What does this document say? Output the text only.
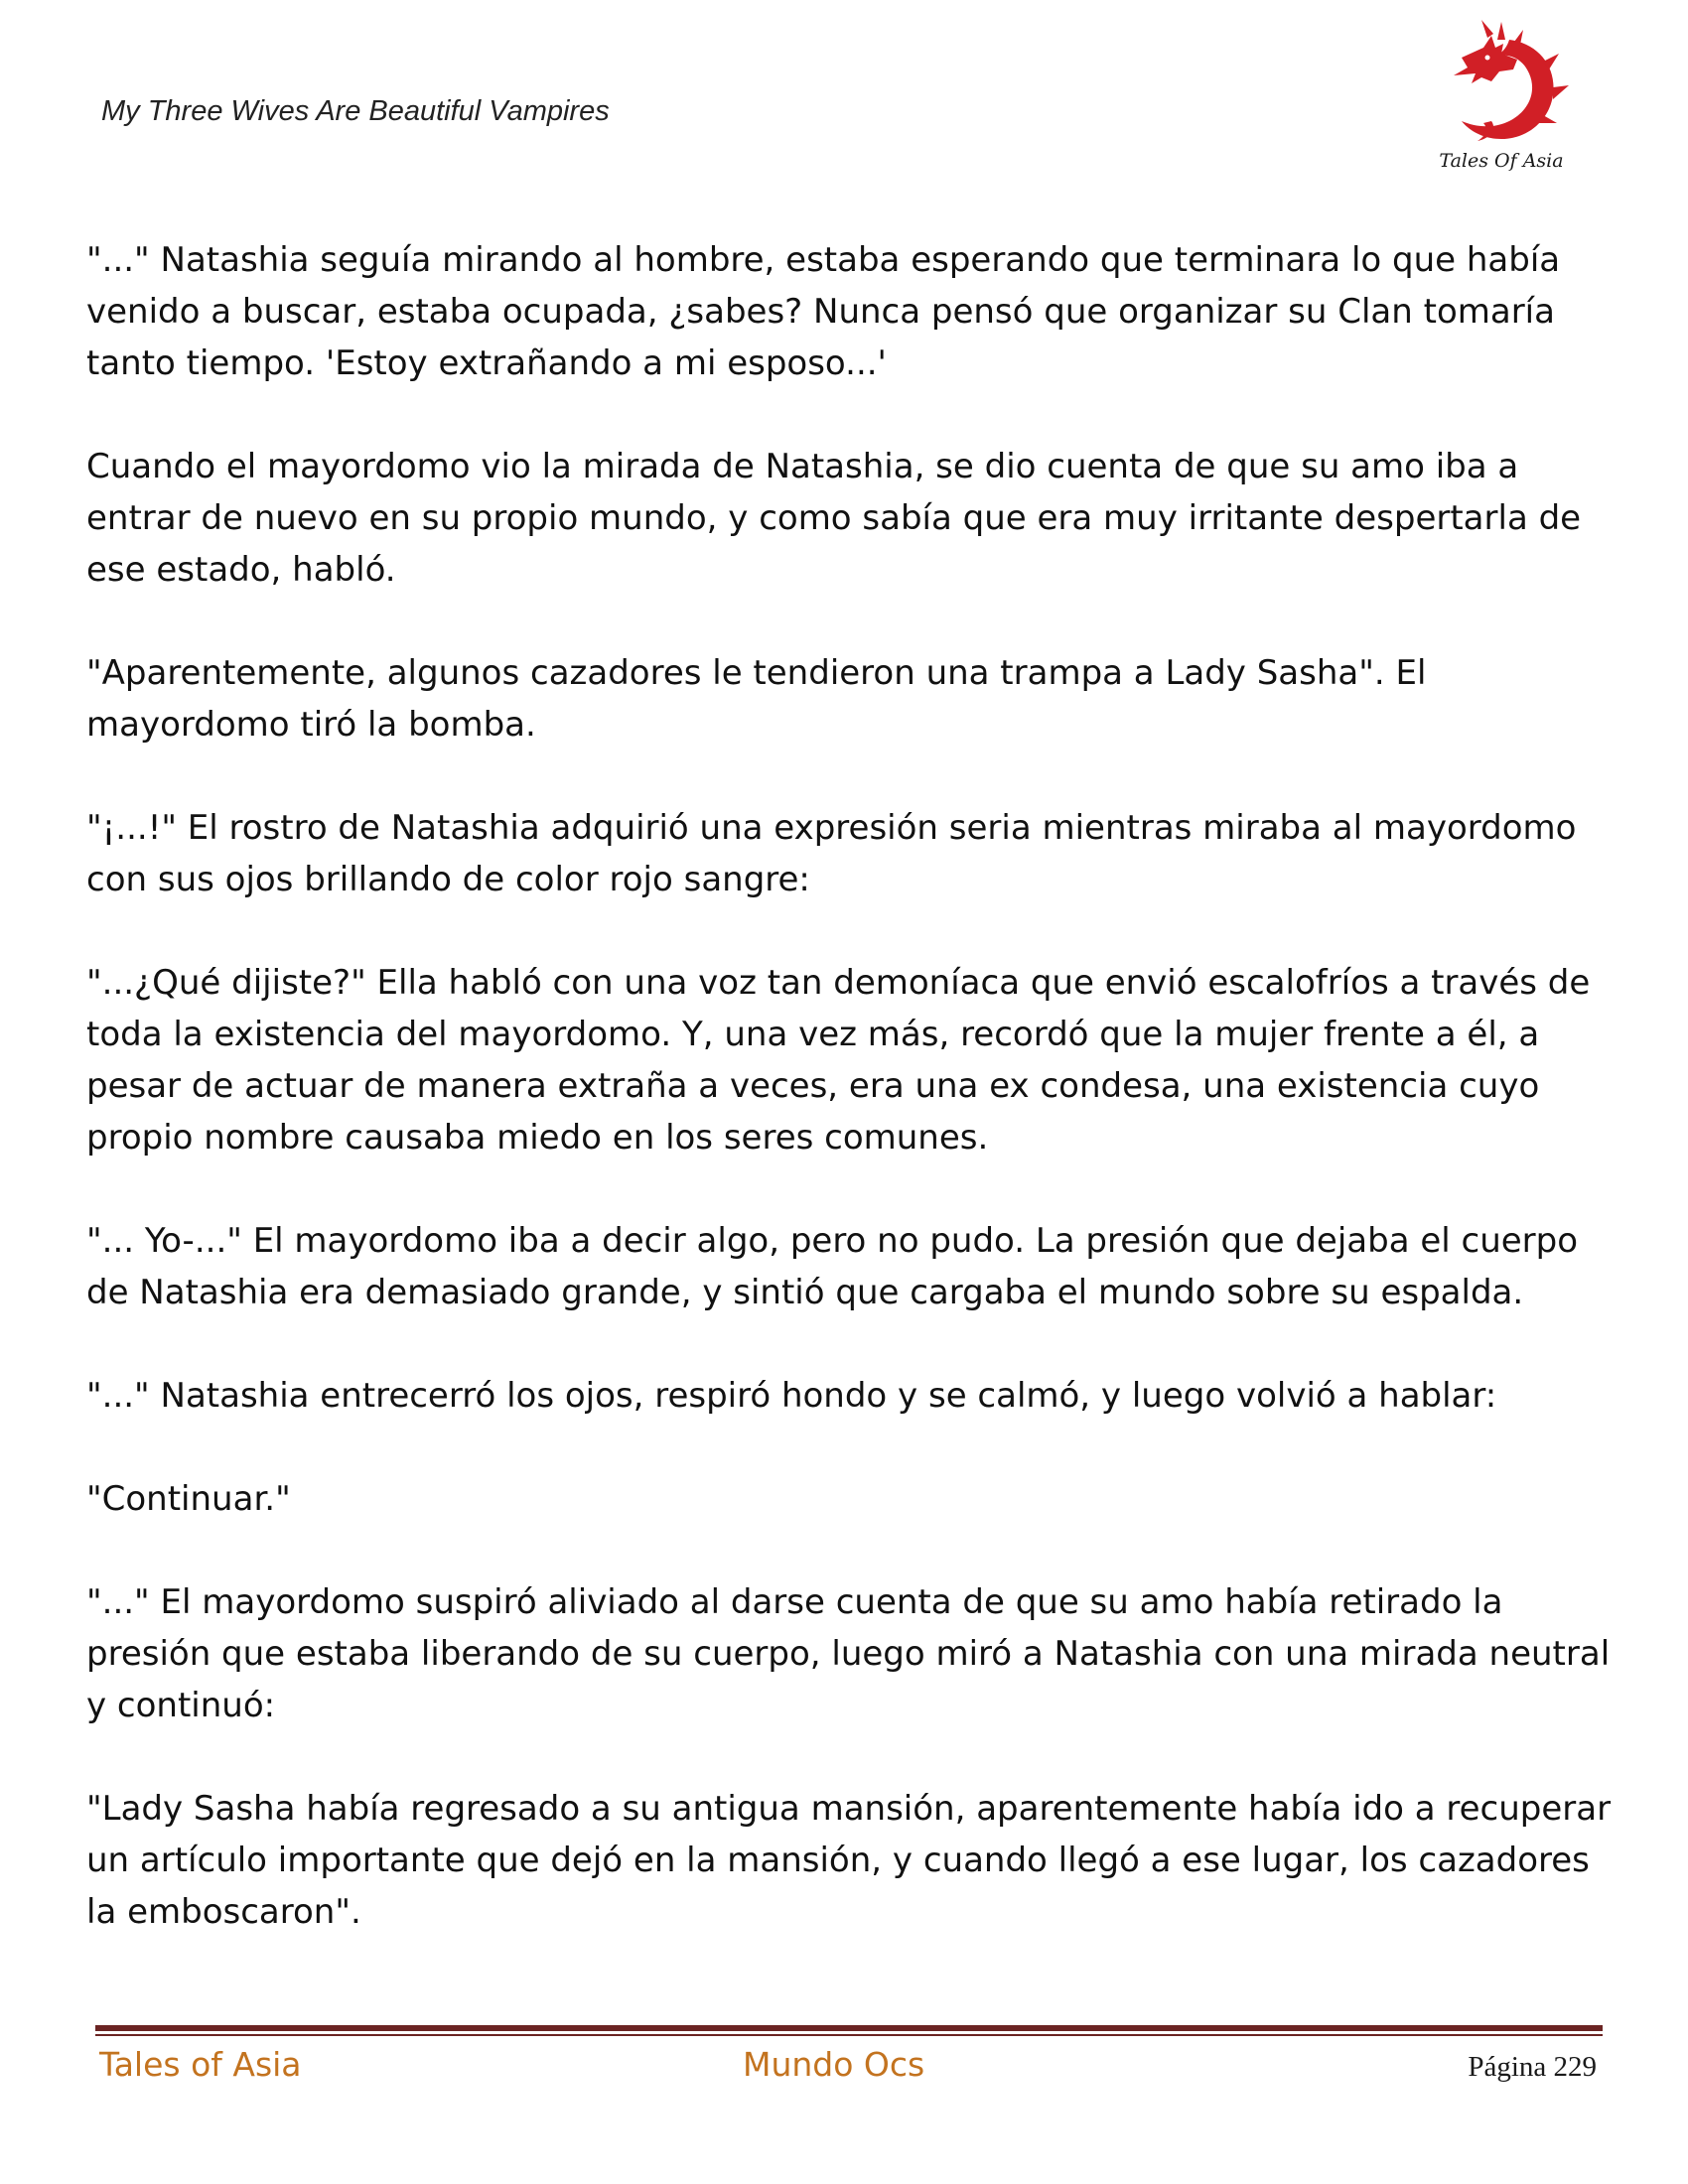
My Three Wives Are Beautiful Vampires
Tales Of Asia

"..." Natashia seguía mirando al hombre, estaba esperando que terminara lo que había venido a buscar, estaba ocupada, ¿sabes? Nunca pensó que organizar su Clan tomaría tanto tiempo. 'Estoy extrañando a mi esposo...'

Cuando el mayordomo vio la mirada de Natashia, se dio cuenta de que su amo iba a entrar de nuevo en su propio mundo, y como sabía que era muy irritante despertarla de ese estado, habló.

"Aparentemente, algunos cazadores le tendieron una trampa a Lady Sasha". El mayordomo tiró la bomba.

"¡...!" El rostro de Natashia adquirió una expresión seria mientras miraba al mayordomo con sus ojos brillando de color rojo sangre:

"...¿Qué dijiste?" Ella habló con una voz tan demoníaca que envió escalofríos a través de toda la existencia del mayordomo. Y, una vez más, recordó que la mujer frente a él, a pesar de actuar de manera extraña a veces, era una ex condesa, una existencia cuyo propio nombre causaba miedo en los seres comunes.

"... Yo-..." El mayordomo iba a decir algo, pero no pudo. La presión que dejaba el cuerpo de Natashia era demasiado grande, y sintió que cargaba el mundo sobre su espalda.

"..." Natashia entrecerró los ojos, respiró hondo y se calmó, y luego volvió a hablar:

"Continuar."

"..." El mayordomo suspiró aliviado al darse cuenta de que su amo había retirado la presión que estaba liberando de su cuerpo, luego miró a Natashia con una mirada neutral y continuó:

"Lady Sasha había regresado a su antigua mansión, aparentemente había ido a recuperar un artículo importante que dejó en la mansión, y cuando llegó a ese lugar, los cazadores la emboscaron".

Tales of Asia	Mundo Ocs	Página 229
